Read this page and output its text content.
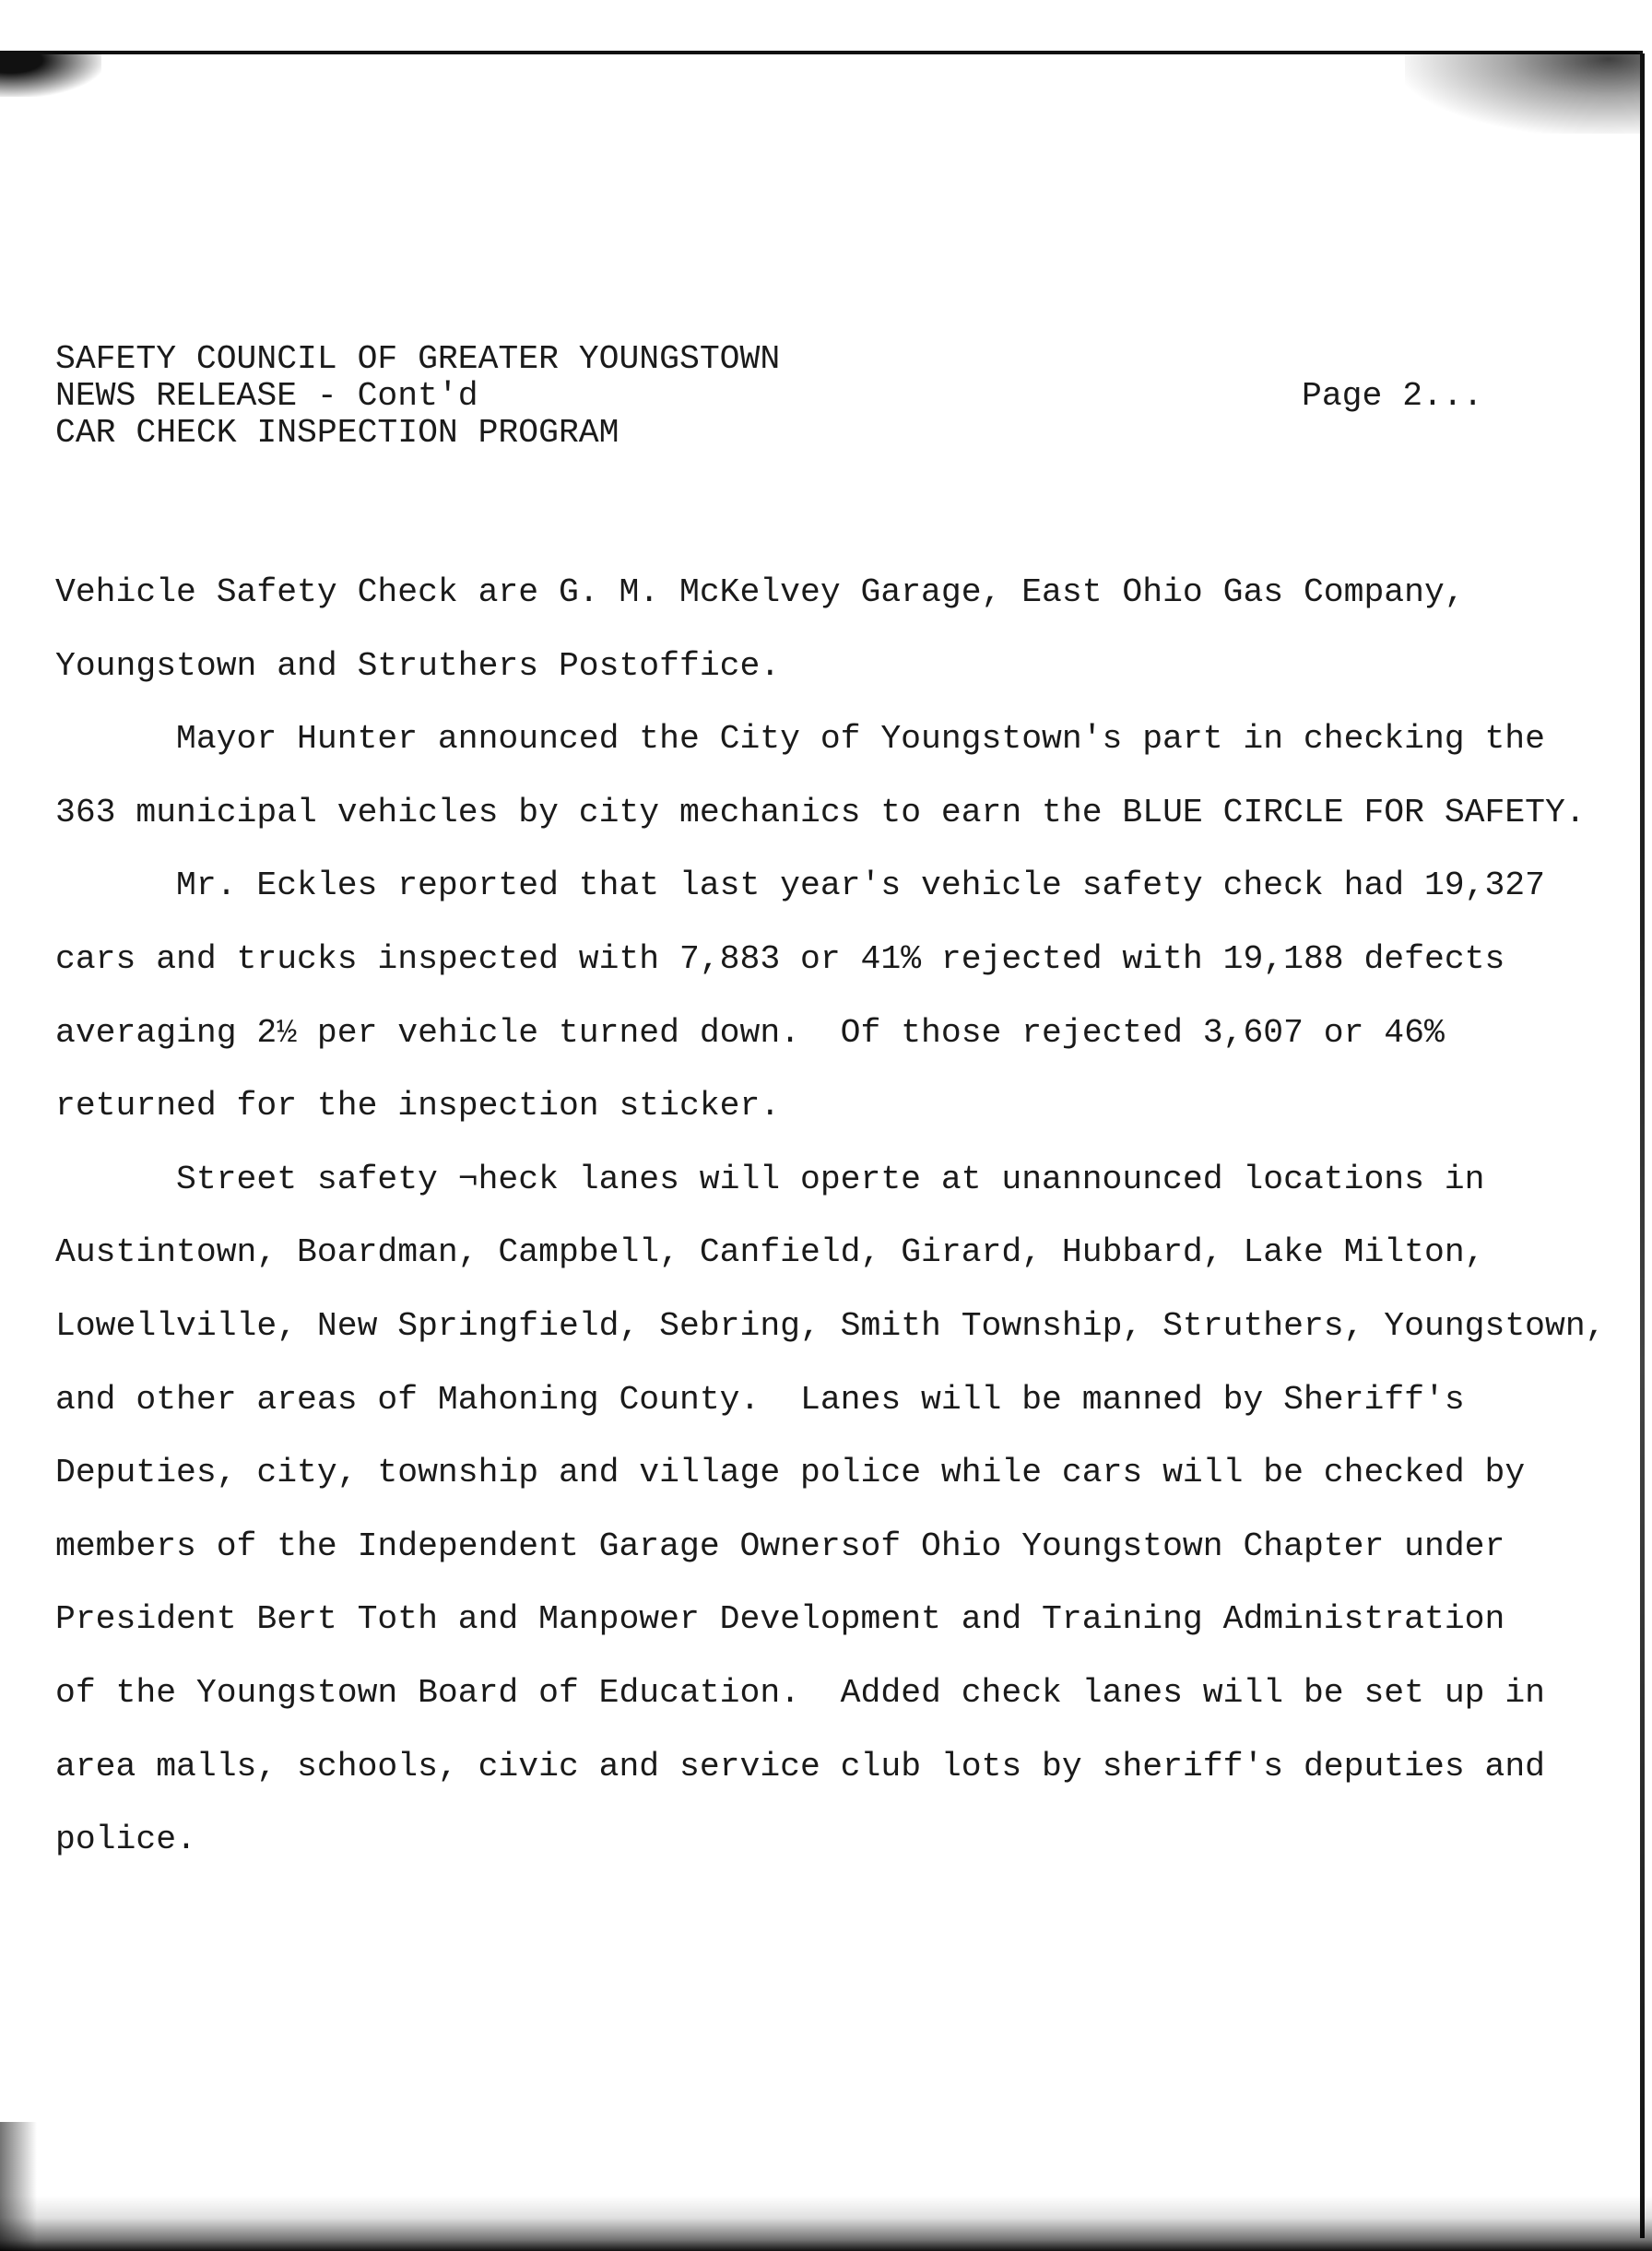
SAFETY COUNCIL OF GREATER YOUNGSTOWN
NEWS RELEASE - Cont'd
CAR CHECK INSPECTION PROGRAM
Page 2...
Vehicle Safety Check are G. M. McKelvey Garage, East Ohio Gas Company,
Youngstown and Struthers Postoffice.
Mayor Hunter announced the City of Youngstown's part in checking the
363 municipal vehicles by city mechanics to earn the BLUE CIRCLE FOR SAFETY.
Mr. Eckles reported that last year's vehicle safety check had 19,327
cars and trucks inspected with 7,883 or 41% rejected with 19,188 defects
averaging 2½ per vehicle turned down.  Of those rejected 3,607 or 46%
returned for the inspection sticker.
Street safety ¬heck lanes will operte at unannounced locations in
Austintown, Boardman, Campbell, Canfield, Girard, Hubbard, Lake Milton,
Lowellville, New Springfield, Sebring, Smith Township, Struthers, Youngstown,
and other areas of Mahoning County.  Lanes will be manned by Sheriff's
Deputies, city, township and village police while cars will be checked by
members of the Independent Garage Ownersof Ohio Youngstown Chapter under
President Bert Toth and Manpower Development and Training Administration
of the Youngstown Board of Education.  Added check lanes will be set up in
area malls, schools, civic and service club lots by sheriff's deputies and
police.
